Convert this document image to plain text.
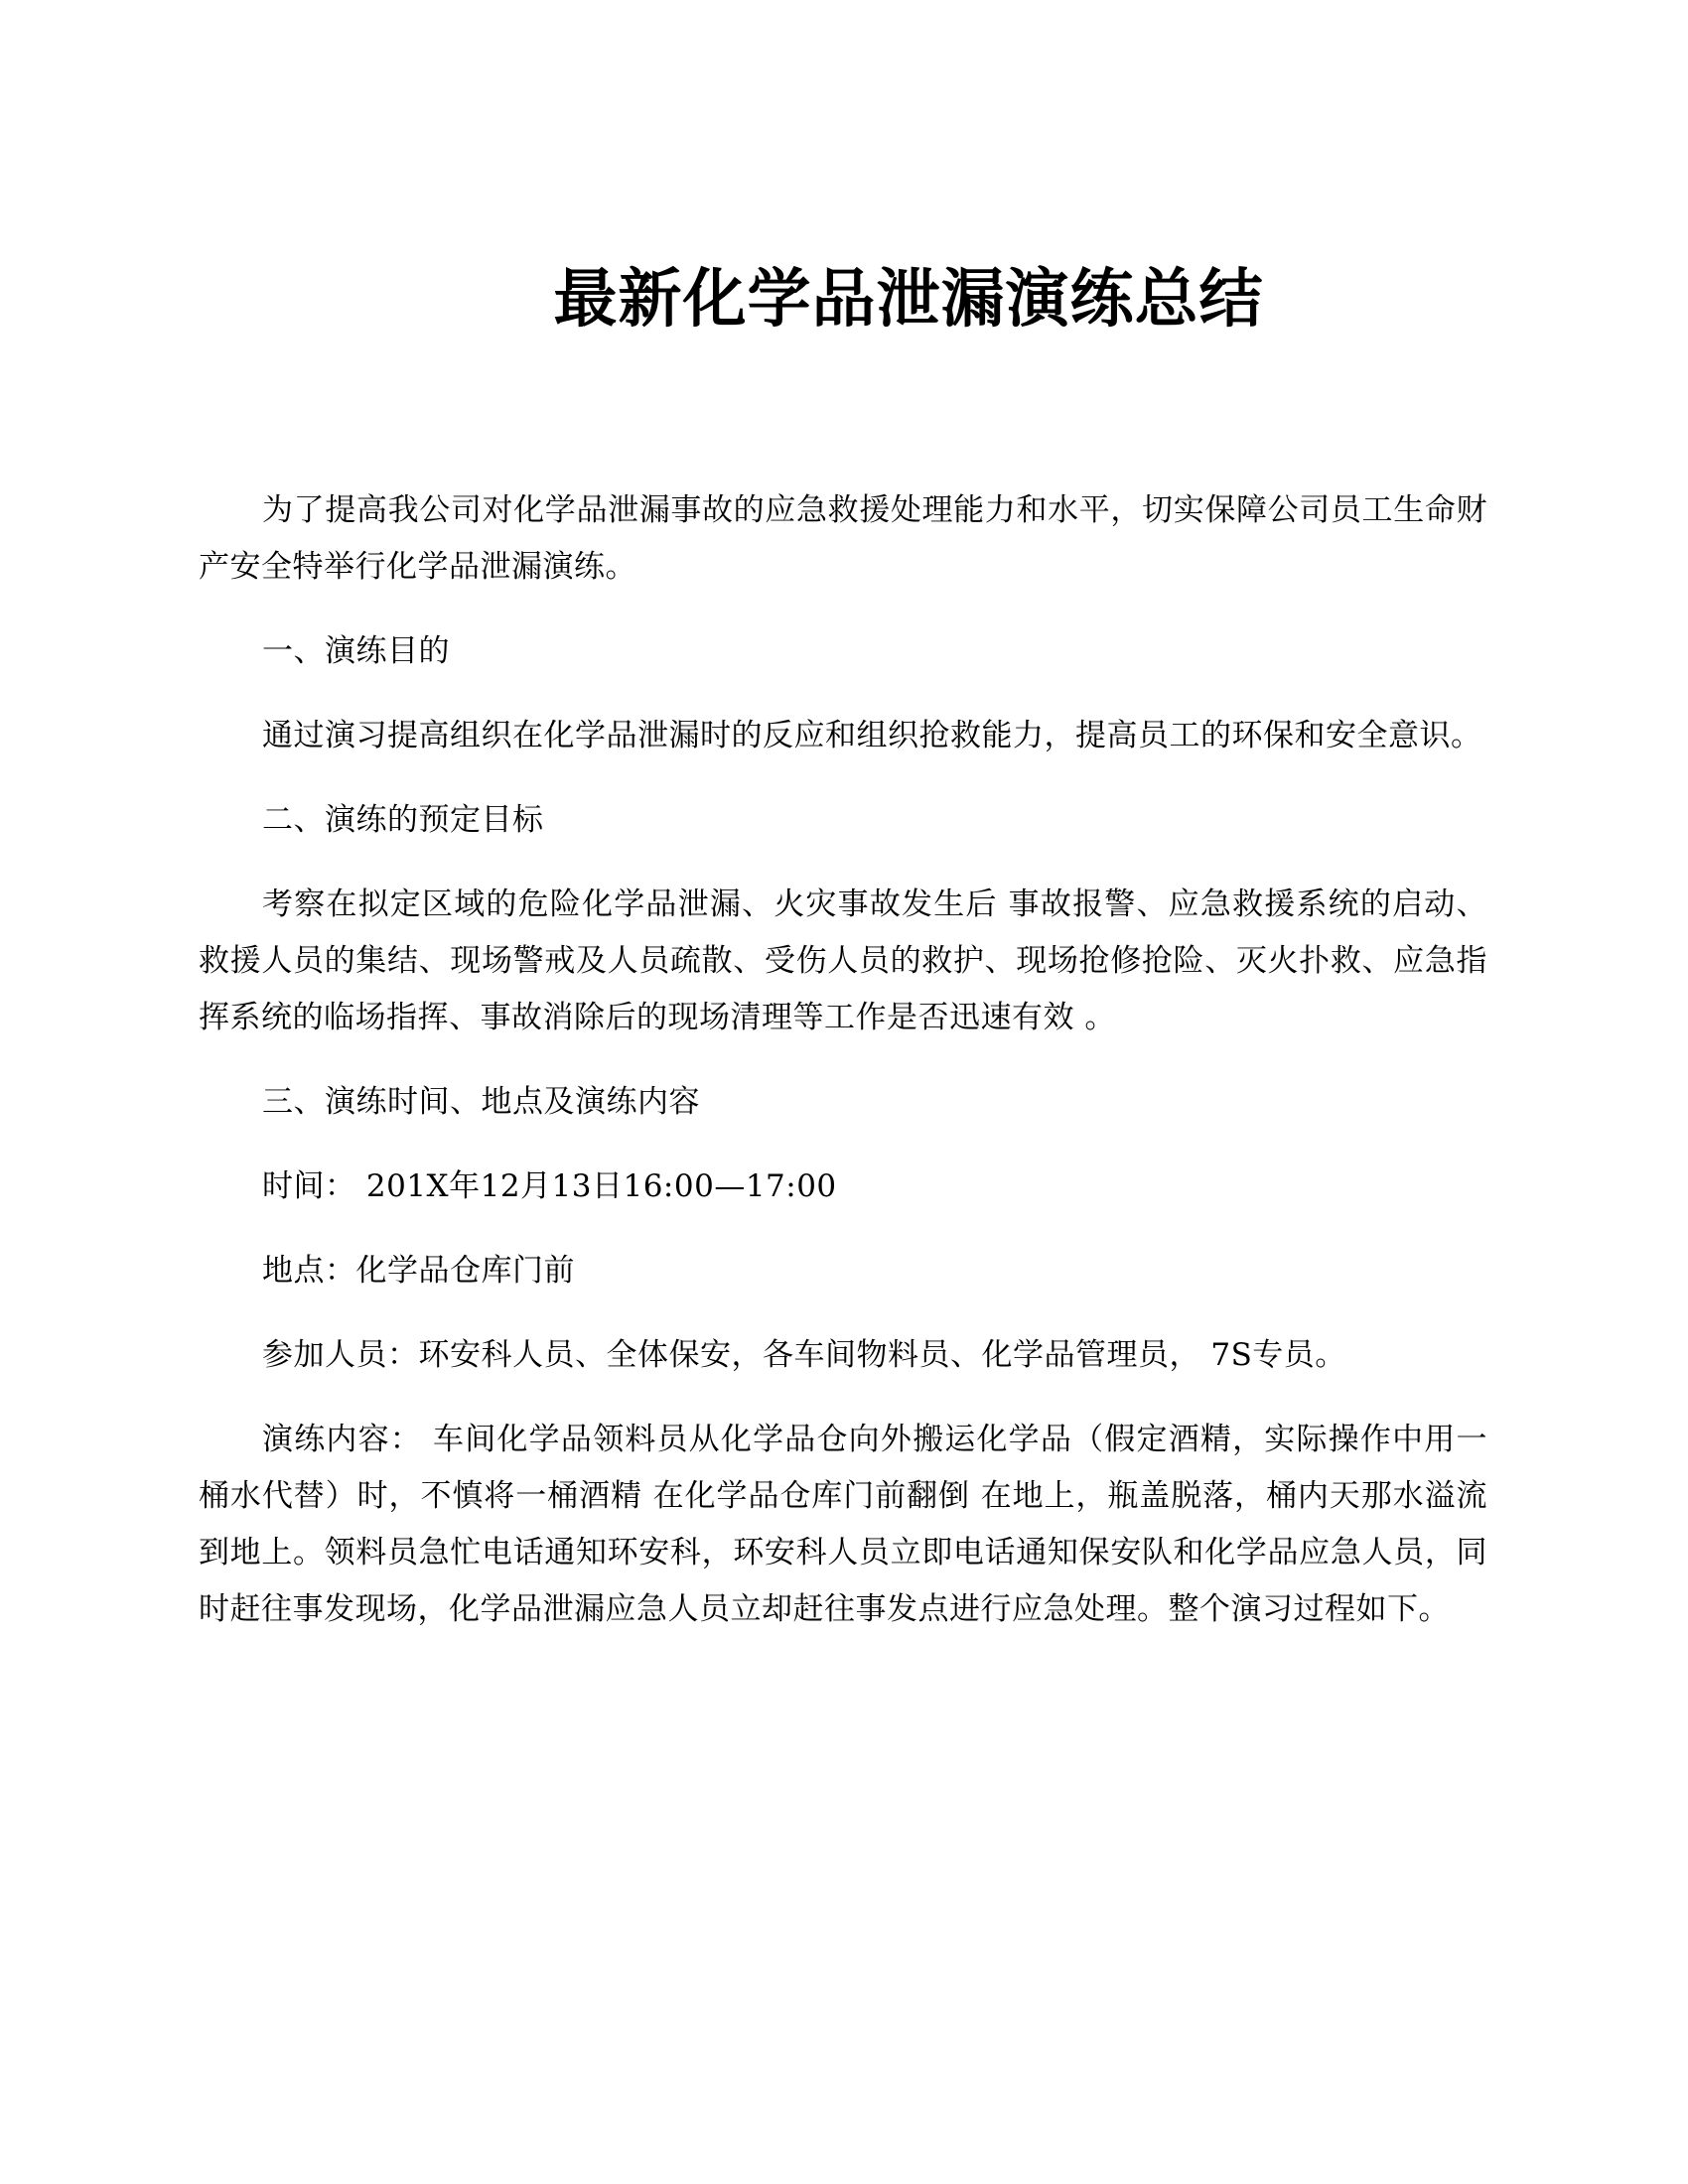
最新化学品泄漏演练总结

为了提高我公司对化学品泄漏事故的应急救援处理能力和水平，切实保障公司员工生命财产安全特举行化学品泄漏演练。

一、演练目的

通过演习提高组织在化学品泄漏时的反应和组织抢救能力，提高员工的环保和安全意识。

二、演练的预定目标

考察在拟定区域的危险化学品泄漏、火灾事故发生后 事故报警、应急救援系统的启动、救援人员的集结、现场警戒及人员疏散、受伤人员的救护、现场抢修抢险、灭火扑救、应急指挥系统的临场指挥、事故消除后的现场清理等工作是否迅速有效 。

三、演练时间、地点及演练内容

时间： 201X年12月13日16:00—17:00

地点：化学品仓库门前

参加人员：环安科人员、全体保安，各车间物料员、化学品管理员， 7S专员。

演练内容： 车间化学品领料员从化学品仓向外搬运化学品（假定酒精，实际操作中用一桶水代替）时，不慎将一桶酒精 在化学品仓库门前翻倒 在地上，瓶盖脱落，桶内天那水溢流到地上。领料员急忙电话通知环安科，环安科人员立即电话通知保安队和化学品应急人员，同时赶往事发现场，化学品泄漏应急人员立却赶往事发点进行应急处理。整个演习过程如下。
